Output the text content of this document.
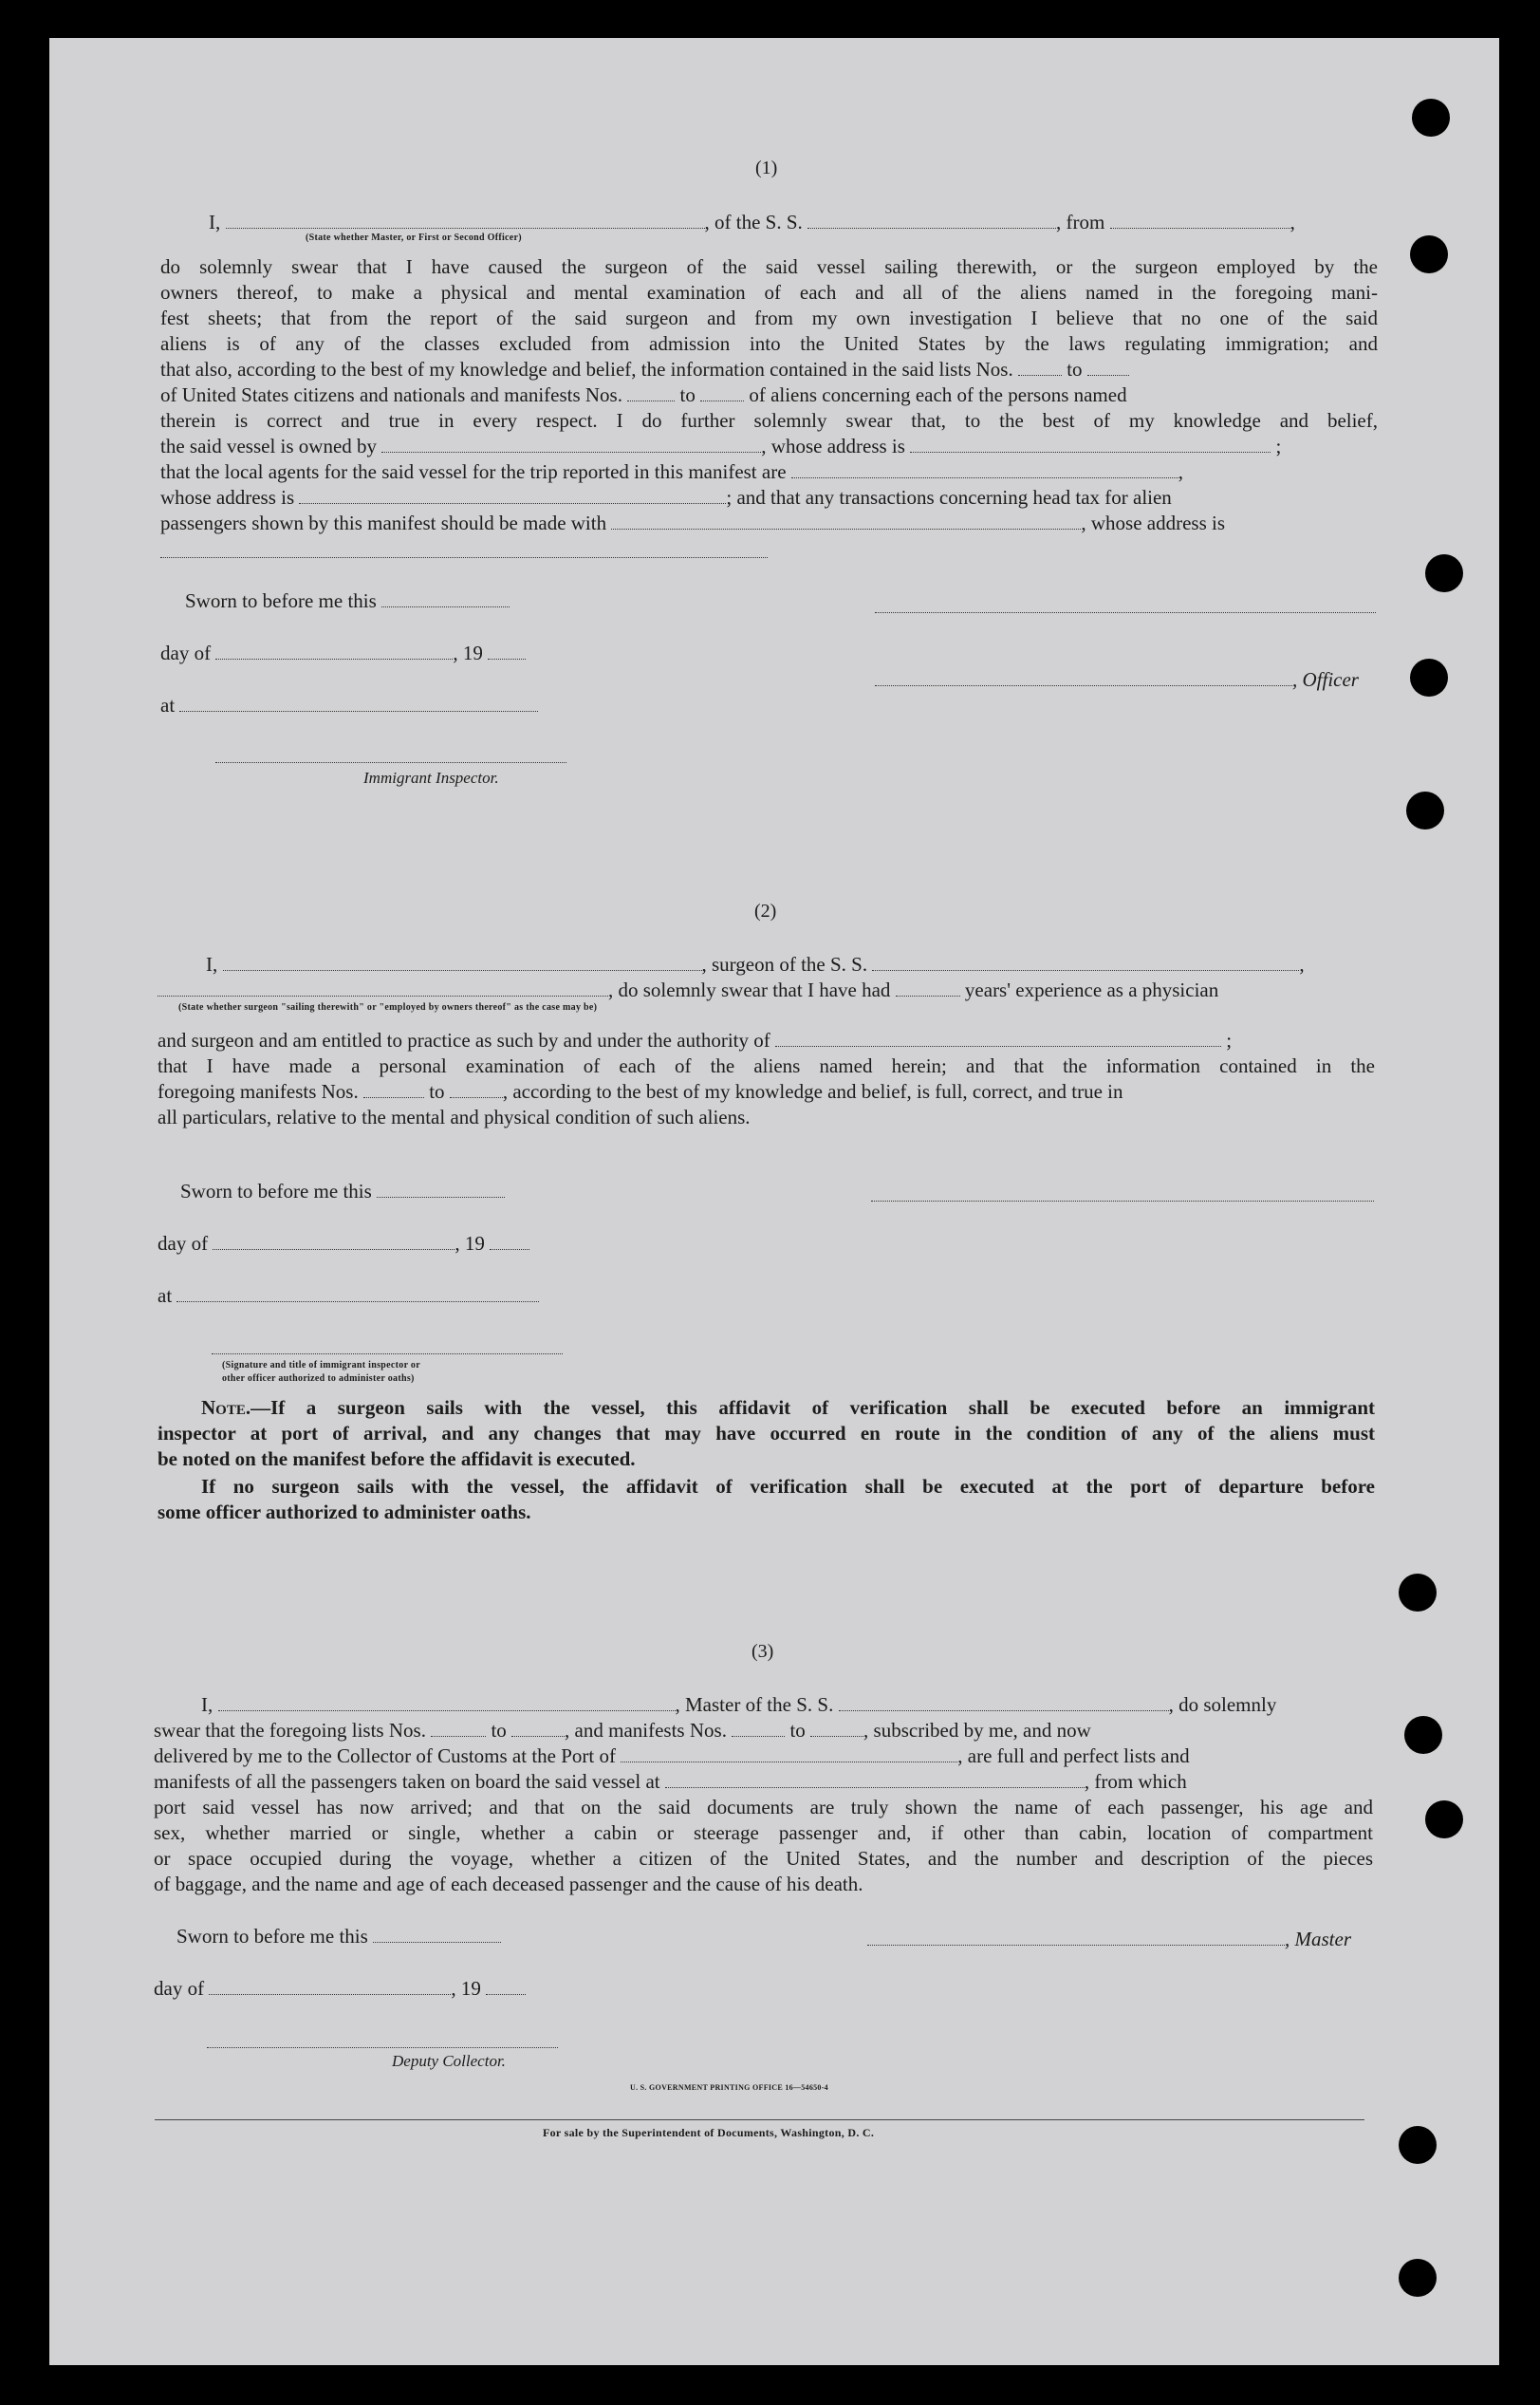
(1)
I,	, of the S. S.	, from	,
(State whether Master, or First or Second Officer)
do solemnly swear that I have caused the surgeon of the said vessel sailing therewith, or the surgeon employed by the
owners thereof, to make a physical and mental examination of each and all of the aliens named in the foregoing mani-
fest sheets; that from the report of the said surgeon and from my own investigation I believe that no one of the said
aliens is of any of the classes excluded from admission into the United States by the laws regulating immigration; and
that also, according to the best of my knowledge and belief, the information contained in the said lists Nos.	to
of United States citizens and nationals and manifests Nos.	to	of aliens concerning each of the persons named
therein is correct and true in every respect. I do further solemnly swear that, to the best of my knowledge and belief,
the said vessel is owned by	, whose address is	;
that the local agents for the said vessel for the trip reported in this manifest are	,
whose address is	; and that any transactions concerning head tax for alien
passengers shown by this manifest should be made with	, whose address is
Sworn to before me this
day of	, 19
, Officer
at
Immigrant Inspector.
(2)
I,	, surgeon of the S. S.	,
, do solemnly swear that I have had	years' experience as a physician
(State whether surgeon "sailing therewith" or "employed by owners thereof" as the case may be)
and surgeon and am entitled to practice as such by and under the authority of	;
that I have made a personal examination of each of the aliens named herein; and that the information contained in the
foregoing manifests Nos.	to	, according to the best of my knowledge and belief, is full, correct, and true in
all particulars, relative to the mental and physical condition of such aliens.
Sworn to before me this
day of	, 19
at
(Signature and title of immigrant inspector or
other officer authorized to administer oaths)
Note.—If a surgeon sails with the vessel, this affidavit of verification shall be executed before an immigrant
inspector at port of arrival, and any changes that may have occurred en route in the condition of any of the aliens must
be noted on the manifest before the affidavit is executed.
If no surgeon sails with the vessel, the affidavit of verification shall be executed at the port of departure before
some officer authorized to administer oaths.
(3)
I,	, Master of the S. S.	, do solemnly
swear that the foregoing lists Nos.	to	, and manifests Nos.	to	, subscribed by me, and now
delivered by me to the Collector of Customs at the Port of	, are full and perfect lists and
manifests of all the passengers taken on board the said vessel at	, from which
port said vessel has now arrived; and that on the said documents are truly shown the name of each passenger, his age and
sex, whether married or single, whether a cabin or steerage passenger and, if other than cabin, location of compartment
or space occupied during the voyage, whether a citizen of the United States, and the number and description of the pieces
of baggage, and the name and age of each deceased passenger and the cause of his death.
Sworn to before me this	, Master
day of	, 19
Deputy Collector.
U. S. GOVERNMENT PRINTING OFFICE 16—54650-4
For sale by the Superintendent of Documents, Washington, D. C.
